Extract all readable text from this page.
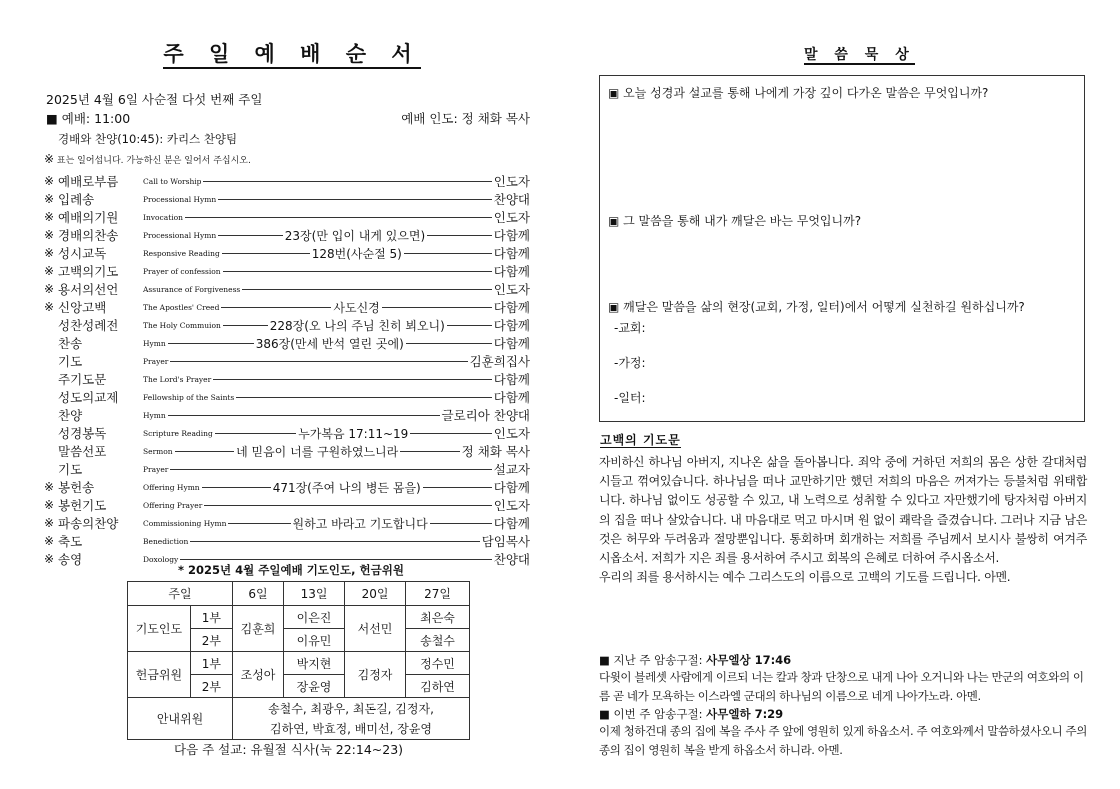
주 일 예 배 순 서
2025년 4월 6일 사순절 다섯 번째 주일
■ 예배: 11:00	예배 인도: 정 채화 목사
경배와 찬양(10:45): 카리스 찬양팀
※ 표는 일어섭니다. 가능하신 분은 일어서 주십시오.
※ 예배로부름	Call to Worship	인도자
※ 입례송	Processional Hymn	찬양대
※ 예배의기원	Invocation	인도자
※ 경배의찬송	Processional Hymn	23장(만 입이 내게 있으면)	다함께
※ 성시교독	Responsive Reading	128번(사순절 5)	다함께
※ 고백의기도	Prayer of confession	다함께
※ 용서의선언	Assurance of Forgiveness	인도자
※ 신앙고백	The Apostles' Creed	사도신경	다함께
성찬성례전	The Holy Commuion	228장(오 나의 주님 친히 뵈오니)	다함께
찬송	Hymn	386장(만세 반석 열린 곳에)	다함께
기도	Prayer	김훈희집사
주기도문	The Lord's Prayer	다함께
성도의교제	Fellowship of the Saints	다함께
찬양	Hymn	글로리아 찬양대
성경봉독	Scripture Reading	누가복음 17:11~19	인도자
말씀선포	Sermon	네 믿음이 너를 구원하였느니라	정 채화 목사
기도	Prayer	설교자
※ 봉헌송	Offering Hymn	471장(주여 나의 병든 몸을)	다함께
※ 봉헌기도	Offering Prayer	인도자
※ 파송의찬양	Commissioning Hymn	원하고 바라고 기도합니다	다함께
※ 축도	Benediction	담임목사
※ 송영	Doxology	찬양대
* 2025년 4월 주일예배 기도인도, 헌금위원
주일		6일	13일	20일	27일
기도인도	1부	김훈희	이은진	서선민	최은숙
	2부		이유민		송철수
헌금위원	1부	조성아	박지현	김정자	정수민
	2부		장윤영		김하연
안내위원		송철수, 최광우, 최돈길, 김정자,
김하연, 박효정, 배미선, 장윤영			
다음 주 설교: 유월절 식사(눅 22:14~23)
말 씀 묵 상
▣ 오늘 성경과 설교를 통해 나에게 가장 깊이 다가온 말씀은 무엇입니까?
▣ 그 말씀을 통해 내가 깨달은 바는 무엇입니까?
▣ 깨달은 말씀을 삶의 현장(교회, 가정, 일터)에서 어떻게 실천하길 원하십니까?
-교회:
-가정:
-일터:
고백의 기도문
자비하신 하나님 아버지, 지나온 삶을 돌아봅니다. 죄악 중에 거하던 저희의 몸은 상한 갈대처럼 시들고 꺾여있습니다. 하나님을 떠나 교만하기만 했던 저희의 마음은 꺼져가는 등불처럼 위태합니다. 하나님 없이도 성공할 수 있고, 내 노력으로 성취할 수 있다고 자만했기에 탕자처럼 아버지의 집을 떠나 살았습니다. 내 마음대로 먹고 마시며 원 없이 쾌락을 즐겼습니다. 그러나 지금 남은 것은 허무와 두려움과 절망뿐입니다. 통회하며 회개하는 저희를 주님께서 보시사 불쌍히 여겨주시옵소서. 저희가 지은 죄를 용서하여 주시고 회복의 은혜로 더하여 주시옵소서.
우리의 죄를 용서하시는 예수 그리스도의 이름으로 고백의 기도를 드립니다. 아멘.
■ 지난 주 암송구절: 사무엘상 17:46
다윗이 블레셋 사람에게 이르되 너는 칼과 창과 단창으로 내게 나아 오거니와 나는 만군의 여호와의 이름 곧 네가 모욕하는 이스라엘 군대의 하나님의 이름으로 네게 나아가노라. 아멘.
■ 이번 주 암송구절: 사무엘하 7:29
이제 청하건대 종의 집에 복을 주사 주 앞에 영원히 있게 하옵소서. 주 여호와께서 말씀하셨사오니 주의 종의 집이 영원히 복을 받게 하옵소서 하니라. 아멘.
